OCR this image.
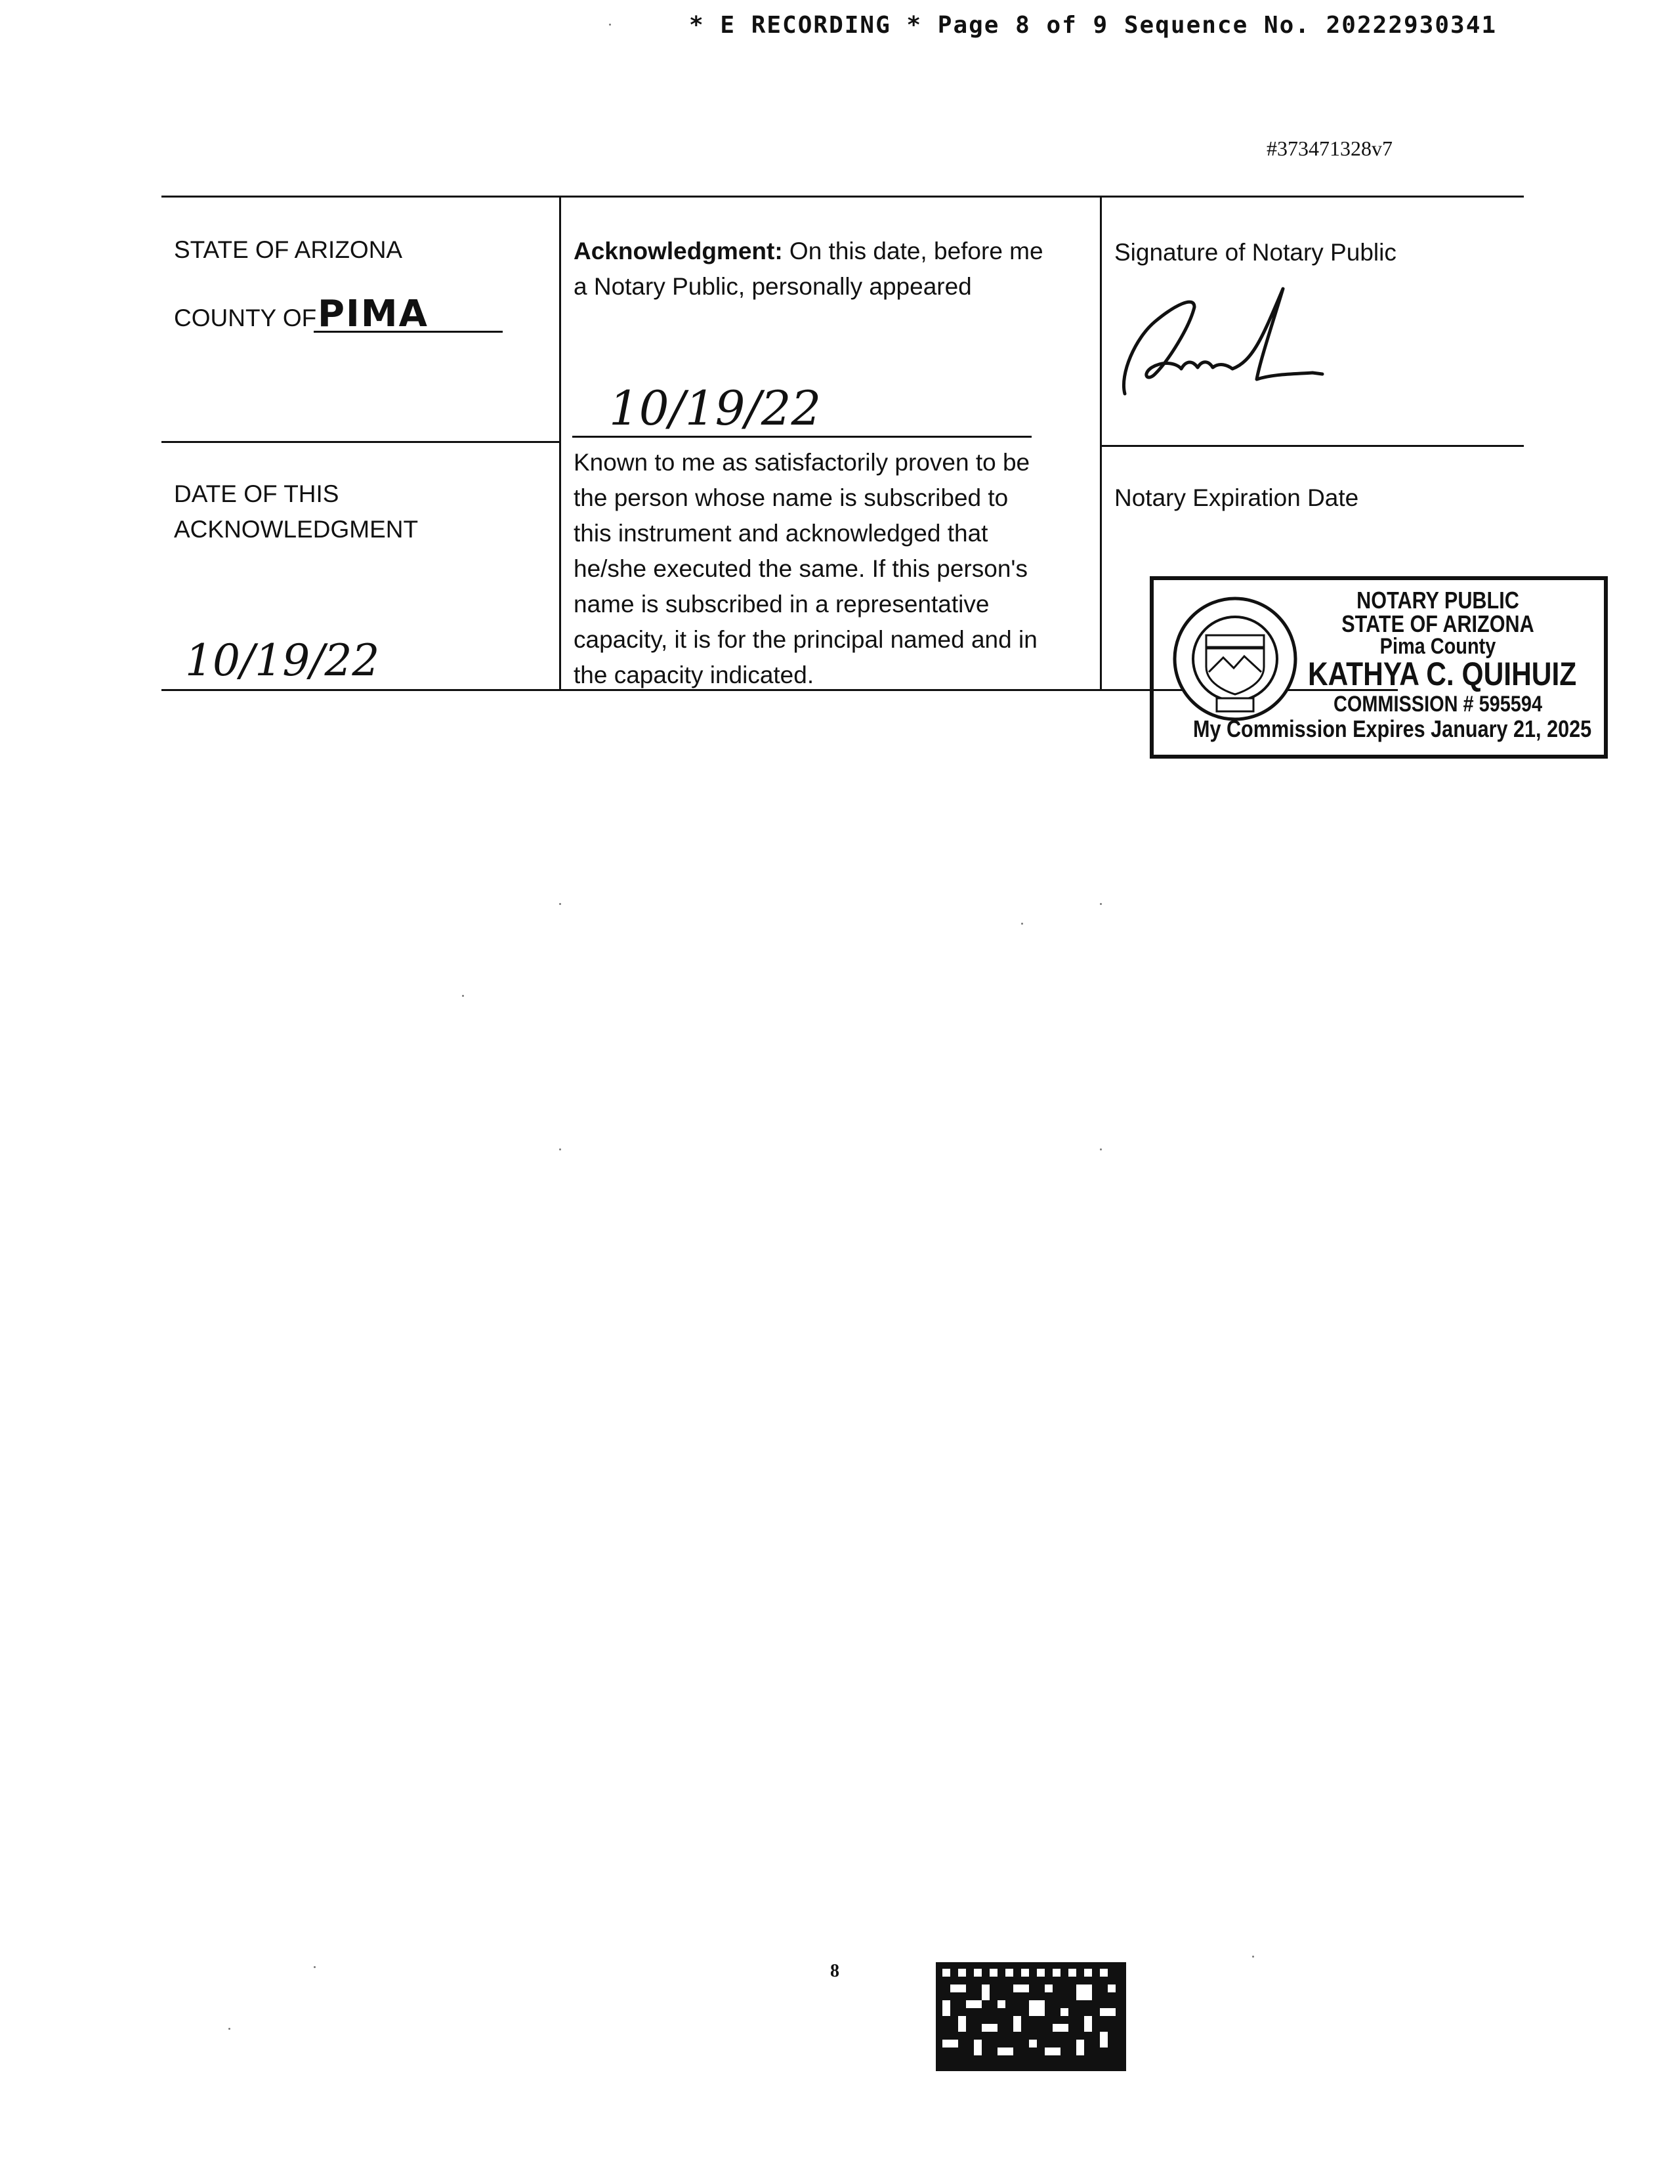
* E RECORDING * Page 8 of 9 Sequence No. 20222930341
#373471328v7
STATE OF ARIZONA
COUNTY OF PIMA
DATE OF THIS
ACKNOWLEDGMENT
10/19/22
Acknowledgment: On this date, before me
a Notary Public, personally appeared
10/19/22
Known to me as satisfactorily proven to be
the person whose name is subscribed to
this instrument and acknowledged that
he/she executed the same. If this person's
name is subscribed in a representative
capacity, it is for the principal named and in
the capacity indicated.
Signature of Notary Public
Notary Expiration Date
NOTARY PUBLIC
STATE OF ARIZONA
Pima County
KATHYA C. QUIHUIZ
COMMISSION # 595594
My Commission Expires January 21, 2025
8
